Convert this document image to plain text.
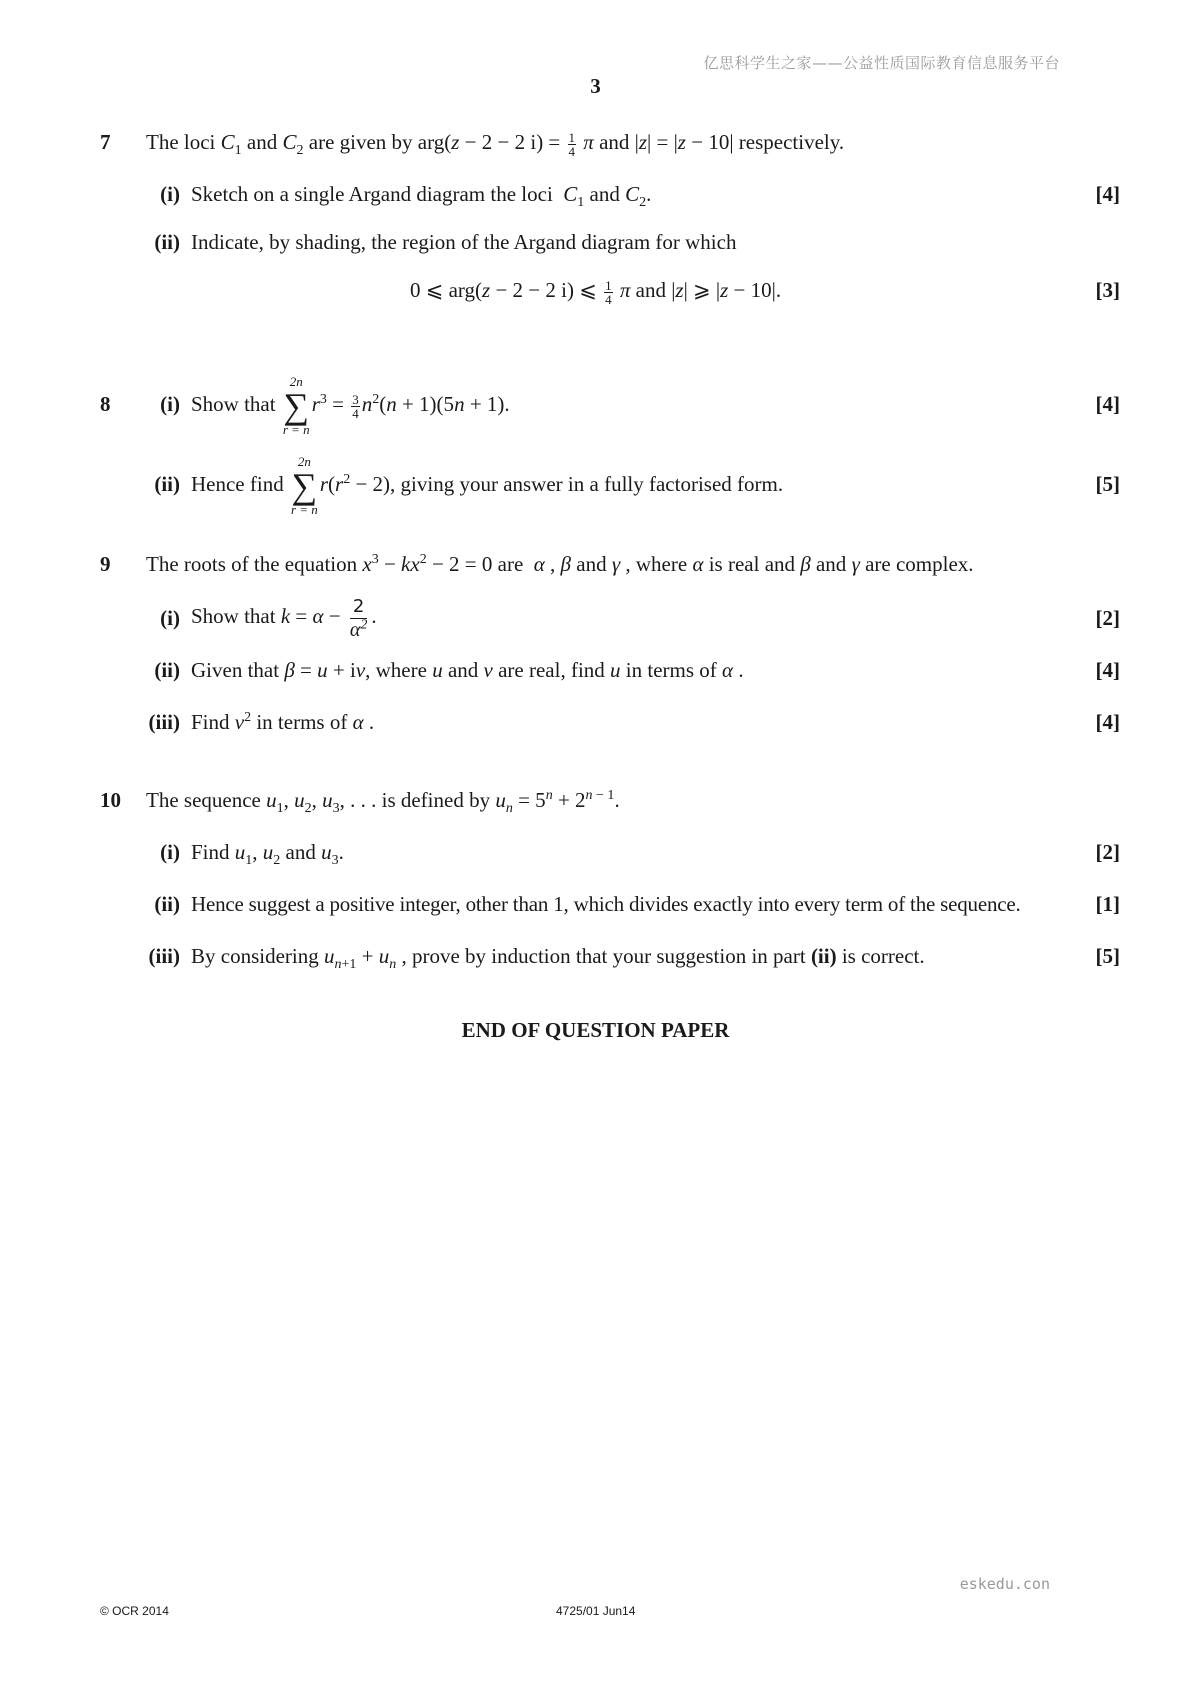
亿思科学生之家——公益性质国际教育信息服务平台
3
7 The loci $C_1$ and $C_2$ are given by arg(z − 2 − 2 $i) = \frac{1}{4}$ π and |z| = |z − 10| respectively.
(i) Sketch on a single Argand diagram the loci $C_1$ and $C_2$.	[4]
(ii) Indicate, by shading, the region of the Argand diagram for which
0 ⩽ arg(z − 2 − 2 i) ⩽ $\frac{1}{4}$ π and |z| ⩾ |z − 10|.	[3]
8	(i) Show that
2n
∑
r = n
$r^3 = \frac{3}{4} n^2(n + 1)(5n + 1)$.	[4]
(ii) Hence find
2n
∑
r = n
$r(r^2 - 2)$, giving your answer in a fully factorised form.	[5]
9 The roots of the equation $x^3 - kx^2 - 2 = 0$ are α , β and γ , where α is real and β and γ are complex.
(i) Show that $k = \alpha - \frac{2}{\alpha^2}$ .	[2]
(ii) Given that β = u + iv, where u and v are real, find u in terms of α .	[4]
(iii) Find $v^2$ in terms of α .	[4]
10 The sequence $u_1$, $u_2$, $u_3$, . . . is defined by $u_n = 5^n + 2^{n - 1}$.
(i) Find $u_1$, $u_2$ and $u_3$.	[2]
(ii) Hence suggest a positive integer, other than 1, which divides exactly into every term of the sequence.	[1]
(iii) By considering $u_{n+1} + u_n$ , prove by induction that your suggestion in part (ii) is correct.	[5]
END OF QUESTION PAPER
eskedu.con
© OCR 2014	4725/01 Jun14
